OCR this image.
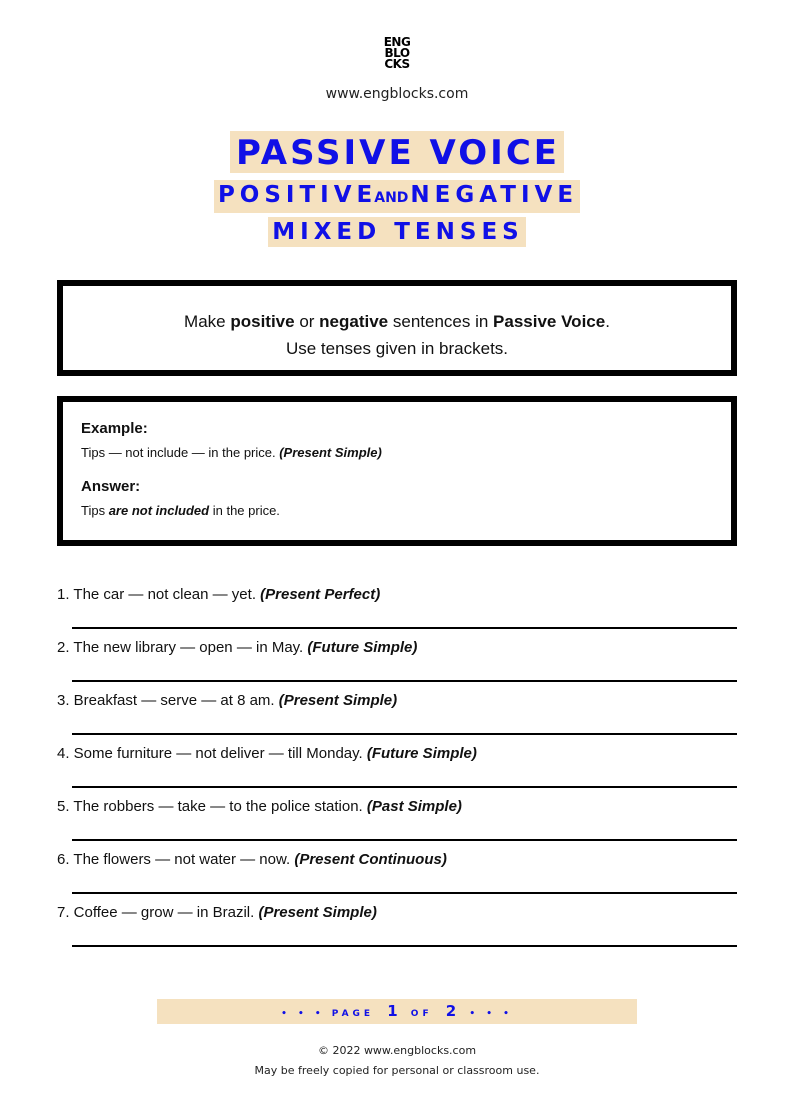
ENG
BLO
CKS
www.engblocks.com
PASSIVE VOICE
POSITIVEANDNEGATIVE
MIXED TENSES
Make positive or negative sentences in Passive Voice.
Use tenses given in brackets.
Example:
Tips — not include — in the price. (Present Simple)
Answer:
Tips are not included in the price.
1. The car — not clean — yet. (Present Perfect)
2. The new library — open — in May. (Future Simple)
3. Breakfast — serve — at 8 am. (Present Simple)
4. Some furniture — not deliver — till Monday. (Future Simple)
5. The robbers — take — to the police station. (Past Simple)
6. The flowers — not water — now. (Present Continuous)
7. Coffee — grow — in Brazil. (Present Simple)
• • • PAGE 1 OF 2 • • •
© 2022 www.engblocks.com
May be freely copied for personal or classroom use.
